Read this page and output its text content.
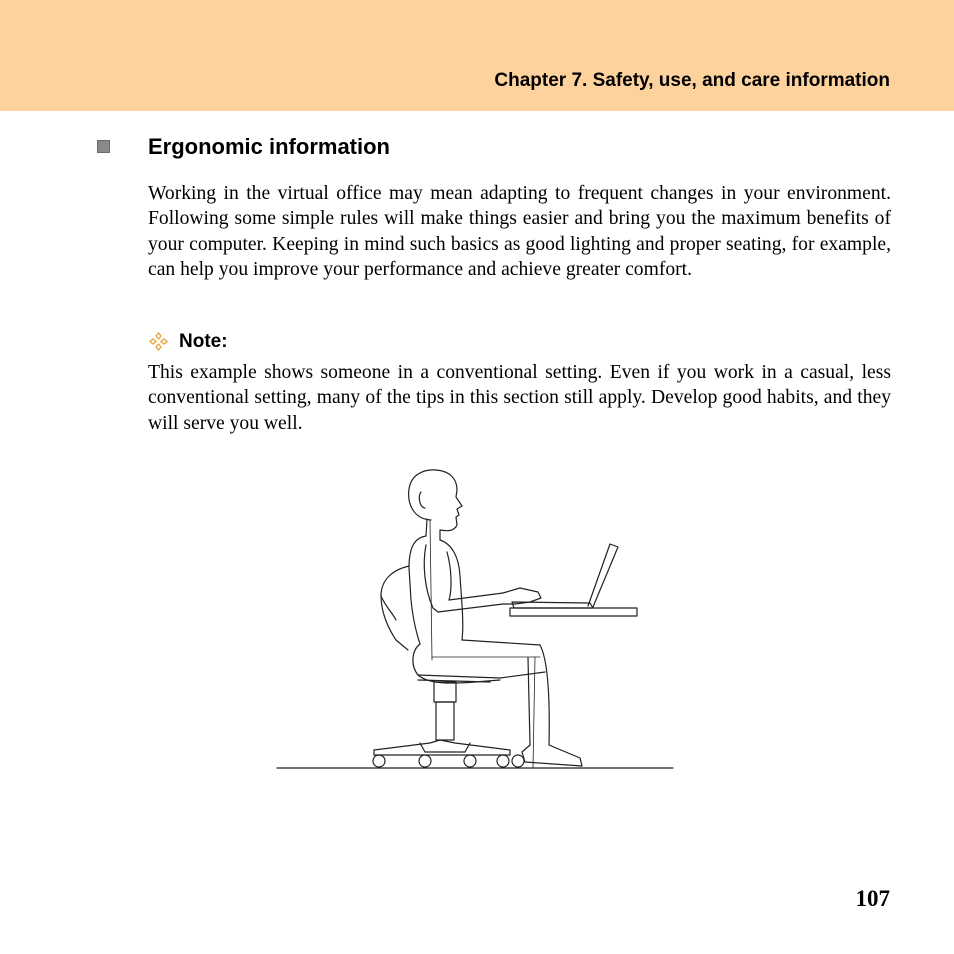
Chapter 7. Safety, use, and care information
Ergonomic information
Working in the virtual office may mean adapting to frequent changes in your environment. Following some simple rules will make things easier and bring you the maximum benefits of your computer. Keeping in mind such basics as good lighting and proper seating, for example, can help you improve your performance and achieve greater comfort.
Note:
This example shows someone in a conventional setting. Even if you work in a casual, less conventional setting, many of the tips in this section still apply. Develop good habits, and they will serve you well.
107
